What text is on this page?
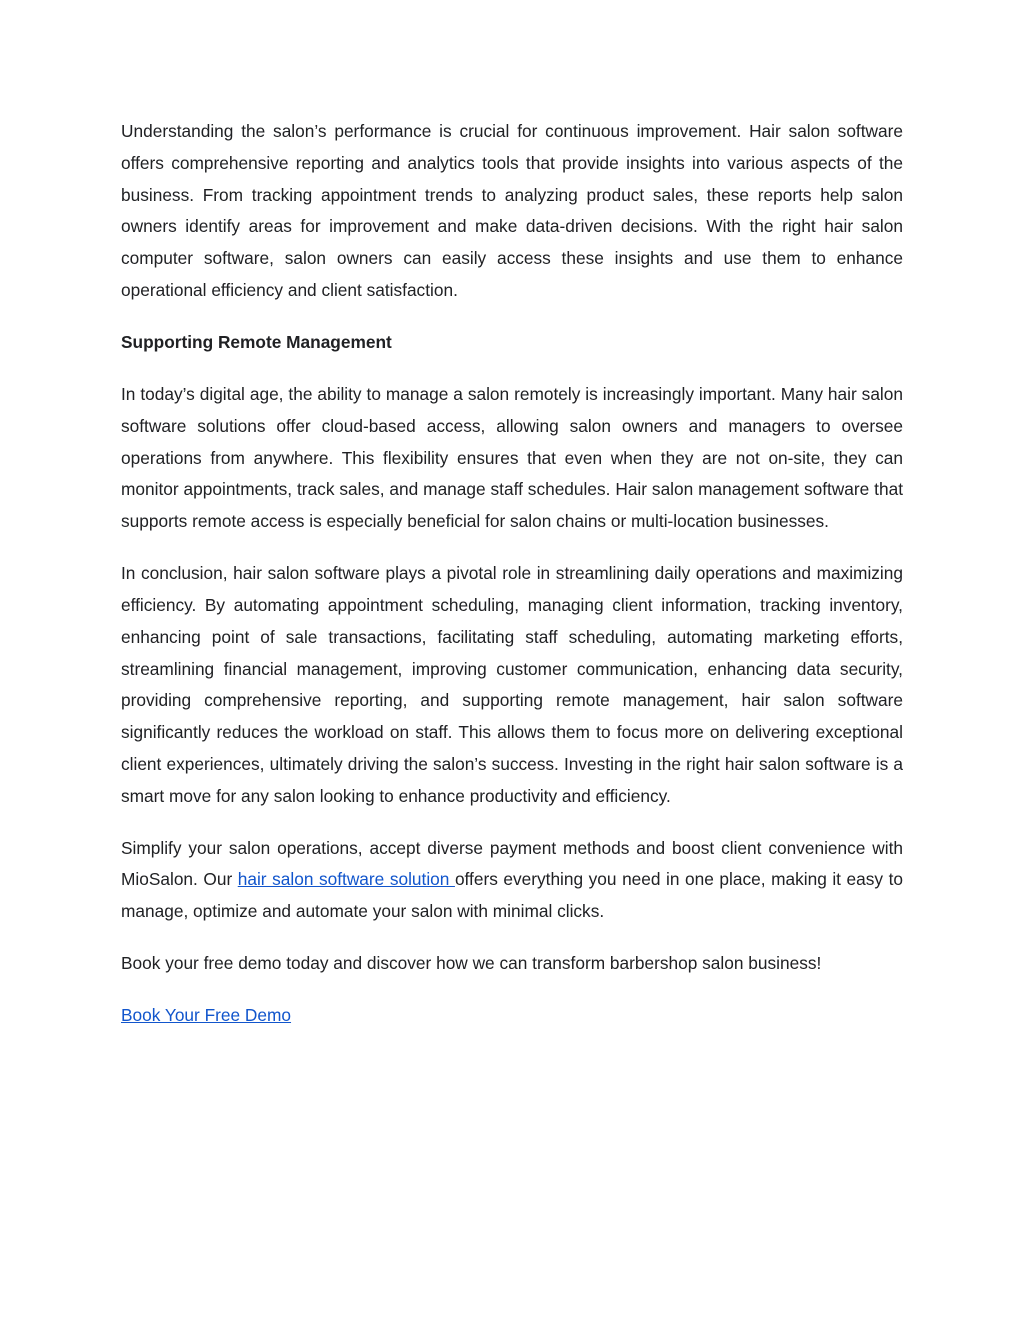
Understanding the salon’s performance is crucial for continuous improvement. Hair salon software offers comprehensive reporting and analytics tools that provide insights into various aspects of the business. From tracking appointment trends to analyzing product sales, these reports help salon owners identify areas for improvement and make data-driven decisions. With the right hair salon computer software, salon owners can easily access these insights and use them to enhance operational efficiency and client satisfaction.

Supporting Remote Management

In today’s digital age, the ability to manage a salon remotely is increasingly important. Many hair salon software solutions offer cloud-based access, allowing salon owners and managers to oversee operations from anywhere. This flexibility ensures that even when they are not on-site, they can monitor appointments, track sales, and manage staff schedules. Hair salon management software that supports remote access is especially beneficial for salon chains or multi-location businesses.

In conclusion, hair salon software plays a pivotal role in streamlining daily operations and maximizing efficiency. By automating appointment scheduling, managing client information, tracking inventory, enhancing point of sale transactions, facilitating staff scheduling, automating marketing efforts, streamlining financial management, improving customer communication, enhancing data security, providing comprehensive reporting, and supporting remote management, hair salon software significantly reduces the workload on staff. This allows them to focus more on delivering exceptional client experiences, ultimately driving the salon’s success. Investing in the right hair salon software is a smart move for any salon looking to enhance productivity and efficiency.

Simplify your salon operations, accept diverse payment methods and boost client convenience with MioSalon. Our hair salon software solution offers everything you need in one place, making it easy to manage, optimize and automate your salon with minimal clicks.

Book your free demo today and discover how we can transform barbershop salon business!

Book Your Free Demo
